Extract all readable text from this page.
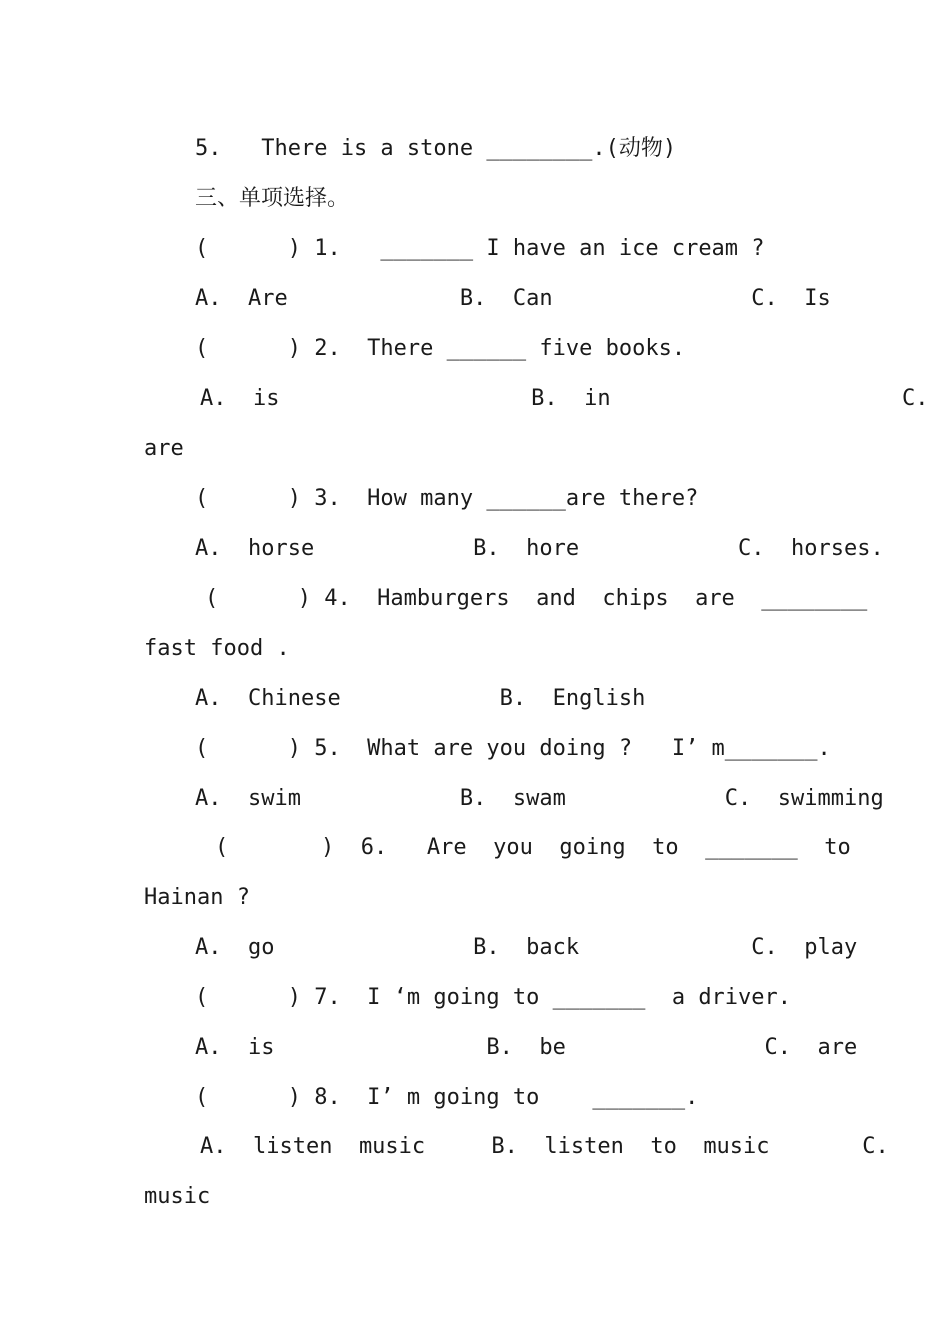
5.   There is a stone ________.(动物)
三、单项选择。
(      ) 1.   _______ I have an ice cream ?
A.  Are             B.  Can               C.  Is
(      ) 2.  There ______ five books.
A.  is                   B.  in                      C.
are
(      ) 3.  How many ______are there?
A.  horse            B.  hore            C.  horses.
(      ) 4.  Hamburgers  and  chips  are  ________
fast food .
A.  Chinese            B.  English
(      ) 5.  What are you doing ?   I’ m_______.
A.  swim            B.  swam            C.  swimming
(       )  6.   Are  you  going  to  _______  to
Hainan ?
A.  go               B.  back             C.  play
(      ) 7.  I ‘m going to _______  a driver.
A.  is                B.  be               C.  are
(      ) 8.  I’ m going to    _______.
A.  listen  music     B.  listen  to  music       C.
music
